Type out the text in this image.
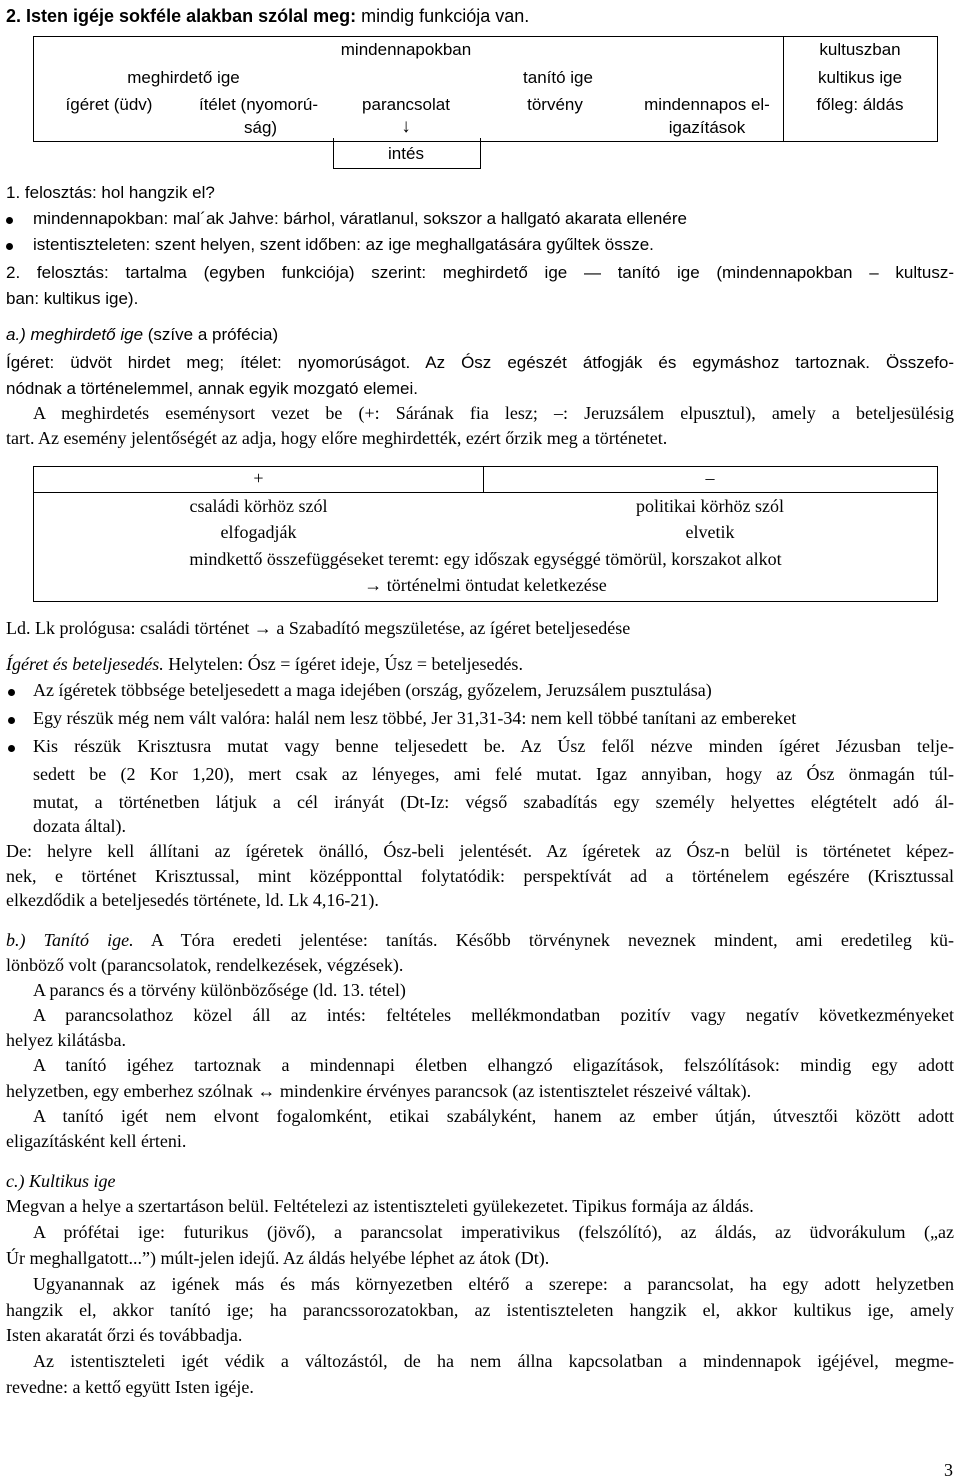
2. Isten igéje sokféle alakban szólal meg: mindig funkciója van.
mindennapokban	kultuszban
meghirdető ige	tanító ige	kultikus ige
ígéret (üdv)	ítélet (nyomorú-	parancsolat	törvény	mindennapos el-	főleg: áldás
ság)	↓	igazítások
intés
1. felosztás: hol hangzik el?
mindennapokban: mal´ak Jahve: bárhol, váratlanul, sokszor a hallgató akarata ellenére
istentiszteleten: szent helyen, szent időben: az ige meghallgatására gyűltek össze.
2. felosztás: tartalma (egyben funkciója) szerint: meghirdető ige — tanító ige (mindennapokban – kultusz-
ban: kultikus ige).
a.) meghirdető ige (szíve a prófécia)
Ígéret: üdvöt hirdet meg; ítélet: nyomorúságot. Az Ósz egészét átfogják és egymáshoz tartoznak. Összefo-
nódnak a történelemmel, annak egyik mozgató elemei.
A meghirdetés eseménysort vezet be (+: Sárának fia lesz; –: Jeruzsálem elpusztul), amely a beteljesülésig
tart. Az esemény jelentőségét az adja, hogy előre meghirdették, ezért őrzik meg a történetet.
+	–
családi körhöz szól	politikai körhöz szól
elfogadják	elvetik
mindkettő összefüggéseket teremt: egy időszak egységgé tömörül, korszakot alkot
→ történelmi öntudat keletkezése
Ld. Lk prológusa: családi történet → a Szabadító megszületése, az ígéret beteljesedése
Ígéret és beteljesedés. Helytelen: Ósz = ígéret ideje, Úsz = beteljesedés.
Az ígéretek többsége beteljesedett a maga idejében (ország, győzelem, Jeruzsálem pusztulása)
Egy részük még nem vált valóra: halál nem lesz többé, Jer 31,31-34: nem kell többé tanítani az embereket
Kis részük Krisztusra mutat vagy benne teljesedett be. Az Úsz felől nézve minden ígéret Jézusban telje-
sedett be (2 Kor 1,20), mert csak az lényeges, ami felé mutat. Igaz annyiban, hogy az Ósz önmagán túl-
mutat, a történetben látjuk a cél irányát (Dt-Iz: végső szabadítás egy személy helyettes elégtételt adó ál-
dozata által).
De: helyre kell állítani az ígéretek önálló, Ósz-beli jelentését. Az ígéretek az Ósz-n belül is történetet képez-
nek, e történet Krisztussal, mint középponttal folytatódik: perspektívát ad a történelem egészére (Krisztussal
elkezdődik a beteljesedés története, ld. Lk 4,16-21).
b.) Tanító ige. A Tóra eredeti jelentése: tanítás. Később törvénynek neveznek mindent, ami eredetileg kü-
lönböző volt (parancsolatok, rendelkezések, végzések).
A parancs és a törvény különbözősége (ld. 13. tétel)
A parancsolathoz közel áll az intés: feltételes mellékmondatban pozitív vagy negatív következményeket
helyez kilátásba.
A tanító igéhez tartoznak a mindennapi életben elhangzó eligazítások, felszólítások: mindig egy adott
helyzetben, egy emberhez szólnak ↔ mindenkire érvényes parancsok (az istentisztelet részeivé váltak).
A tanító igét nem elvont fogalomként, etikai szabályként, hanem az ember útján, útvesztői között adott
eligazításként kell érteni.
c.) Kultikus ige
Megvan a helye a szertartáson belül. Feltételezi az istentiszteleti gyülekezetet. Tipikus formája az áldás.
A prófétai ige: futurikus (jövő), a parancsolat imperativikus (felszólító), az áldás, az üdvorákulum („az
Úr meghallgatott...”) múlt-jelen idejű. Az áldás helyébe léphet az átok (Dt).
Ugyanannak az igének más és más környezetben eltérő a szerepe: a parancsolat, ha egy adott helyzetben
hangzik el, akkor tanító ige; ha parancssorozatokban, az istentiszteleten hangzik el, akkor kultikus ige, amely
Isten akaratát őrzi és továbbadja.
Az istentiszteleti igét védik a változástól, de ha nem állna kapcsolatban a mindennapok igéjével, megme-
revedne: a kettő együtt Isten igéje.
3
